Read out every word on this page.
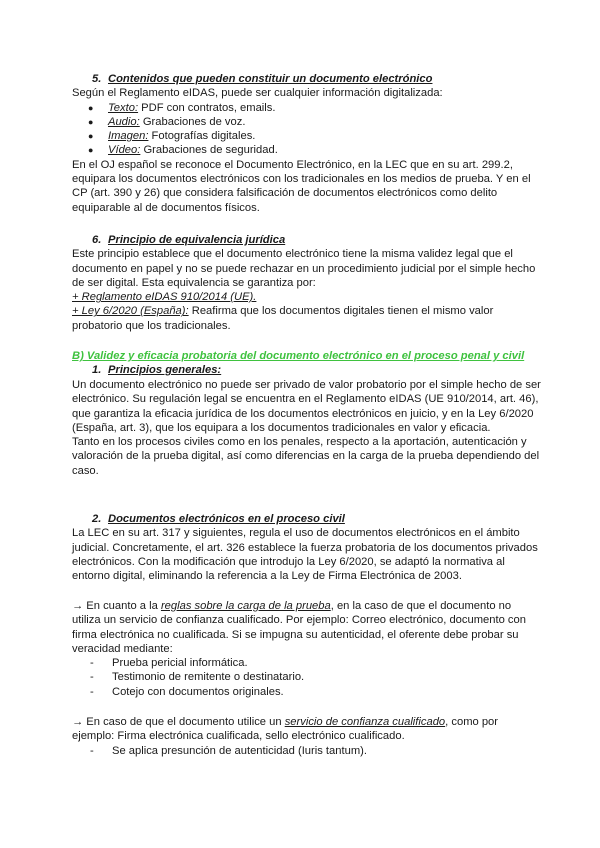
5. Contenidos que pueden constituir un documento electrónico

Según el Reglamento eIDAS, puede ser cualquier información digitalizada:

● Texto: PDF con contratos, emails.
● Audio: Grabaciones de voz.
● Imagen: Fotografías digitales.
● Vídeo: Grabaciones de seguridad.

En el OJ español se reconoce el Documento Electrónico, en la LEC que en su art. 299.2, equipara los documentos electrónicos con los tradicionales en los medios de prueba. Y en el CP (art. 390 y 26) que considera falsificación de documentos electrónicos como delito equiparable al de documentos físicos.

6. Principio de equivalencia jurídica

Este principio establece que el documento electrónico tiene la misma validez legal que el documento en papel y no se puede rechazar en un procedimiento judicial por el simple hecho de ser digital. Esta equivalencia se garantiza por:

+ Reglamento eIDAS 910/2014 (UE).

+ Ley 6/2020 (España): Reafirma que los documentos digitales tienen el mismo valor probatorio que los tradicionales.

B) Validez y eficacia probatoria del documento electrónico en el proceso penal y civil
1. Principios generales:

Un documento electrónico no puede ser privado de valor probatorio por el simple hecho de ser electrónico. Su regulación legal se encuentra en el Reglamento eIDAS (UE 910/2014, art. 46), que garantiza la eficacia jurídica de los documentos electrónicos en juicio, y en la Ley 6/2020 (España, art. 3), que los equipara a los documentos tradicionales en valor y eficacia.

Tanto en los procesos civiles como en los penales, respecto a la aportación, autenticación y valoración de la prueba digital, así como diferencias en la carga de la prueba dependiendo del caso.

2. Documentos electrónicos en el proceso civil

La LEC en su art. 317 y siguientes, regula el uso de documentos electrónicos en el ámbito judicial. Concretamente, el art. 326 establece la fuerza probatoria de los documentos privados electrónicos. Con la modificación que introdujo la Ley 6/2020, se adaptó la normativa al entorno digital, eliminando la referencia a la Ley de Firma Electrónica de 2003.

→ En cuanto a la reglas sobre la carga de la prueba, en la caso de que el documento no utiliza un servicio de confianza cualificado. Por ejemplo: Correo electrónico, documento con firma electrónica no cualificada. Si se impugna su autenticidad, el oferente debe probar su veracidad mediante:

- Prueba pericial informática.
- Testimonio de remitente o destinatario.
- Cotejo con documentos originales.

→ En caso de que el documento utilice un servicio de confianza cualificado, como por ejemplo: Firma electrónica cualificada, sello electrónico cualificado.

- Se aplica presunción de autenticidad (Iuris tantum).
